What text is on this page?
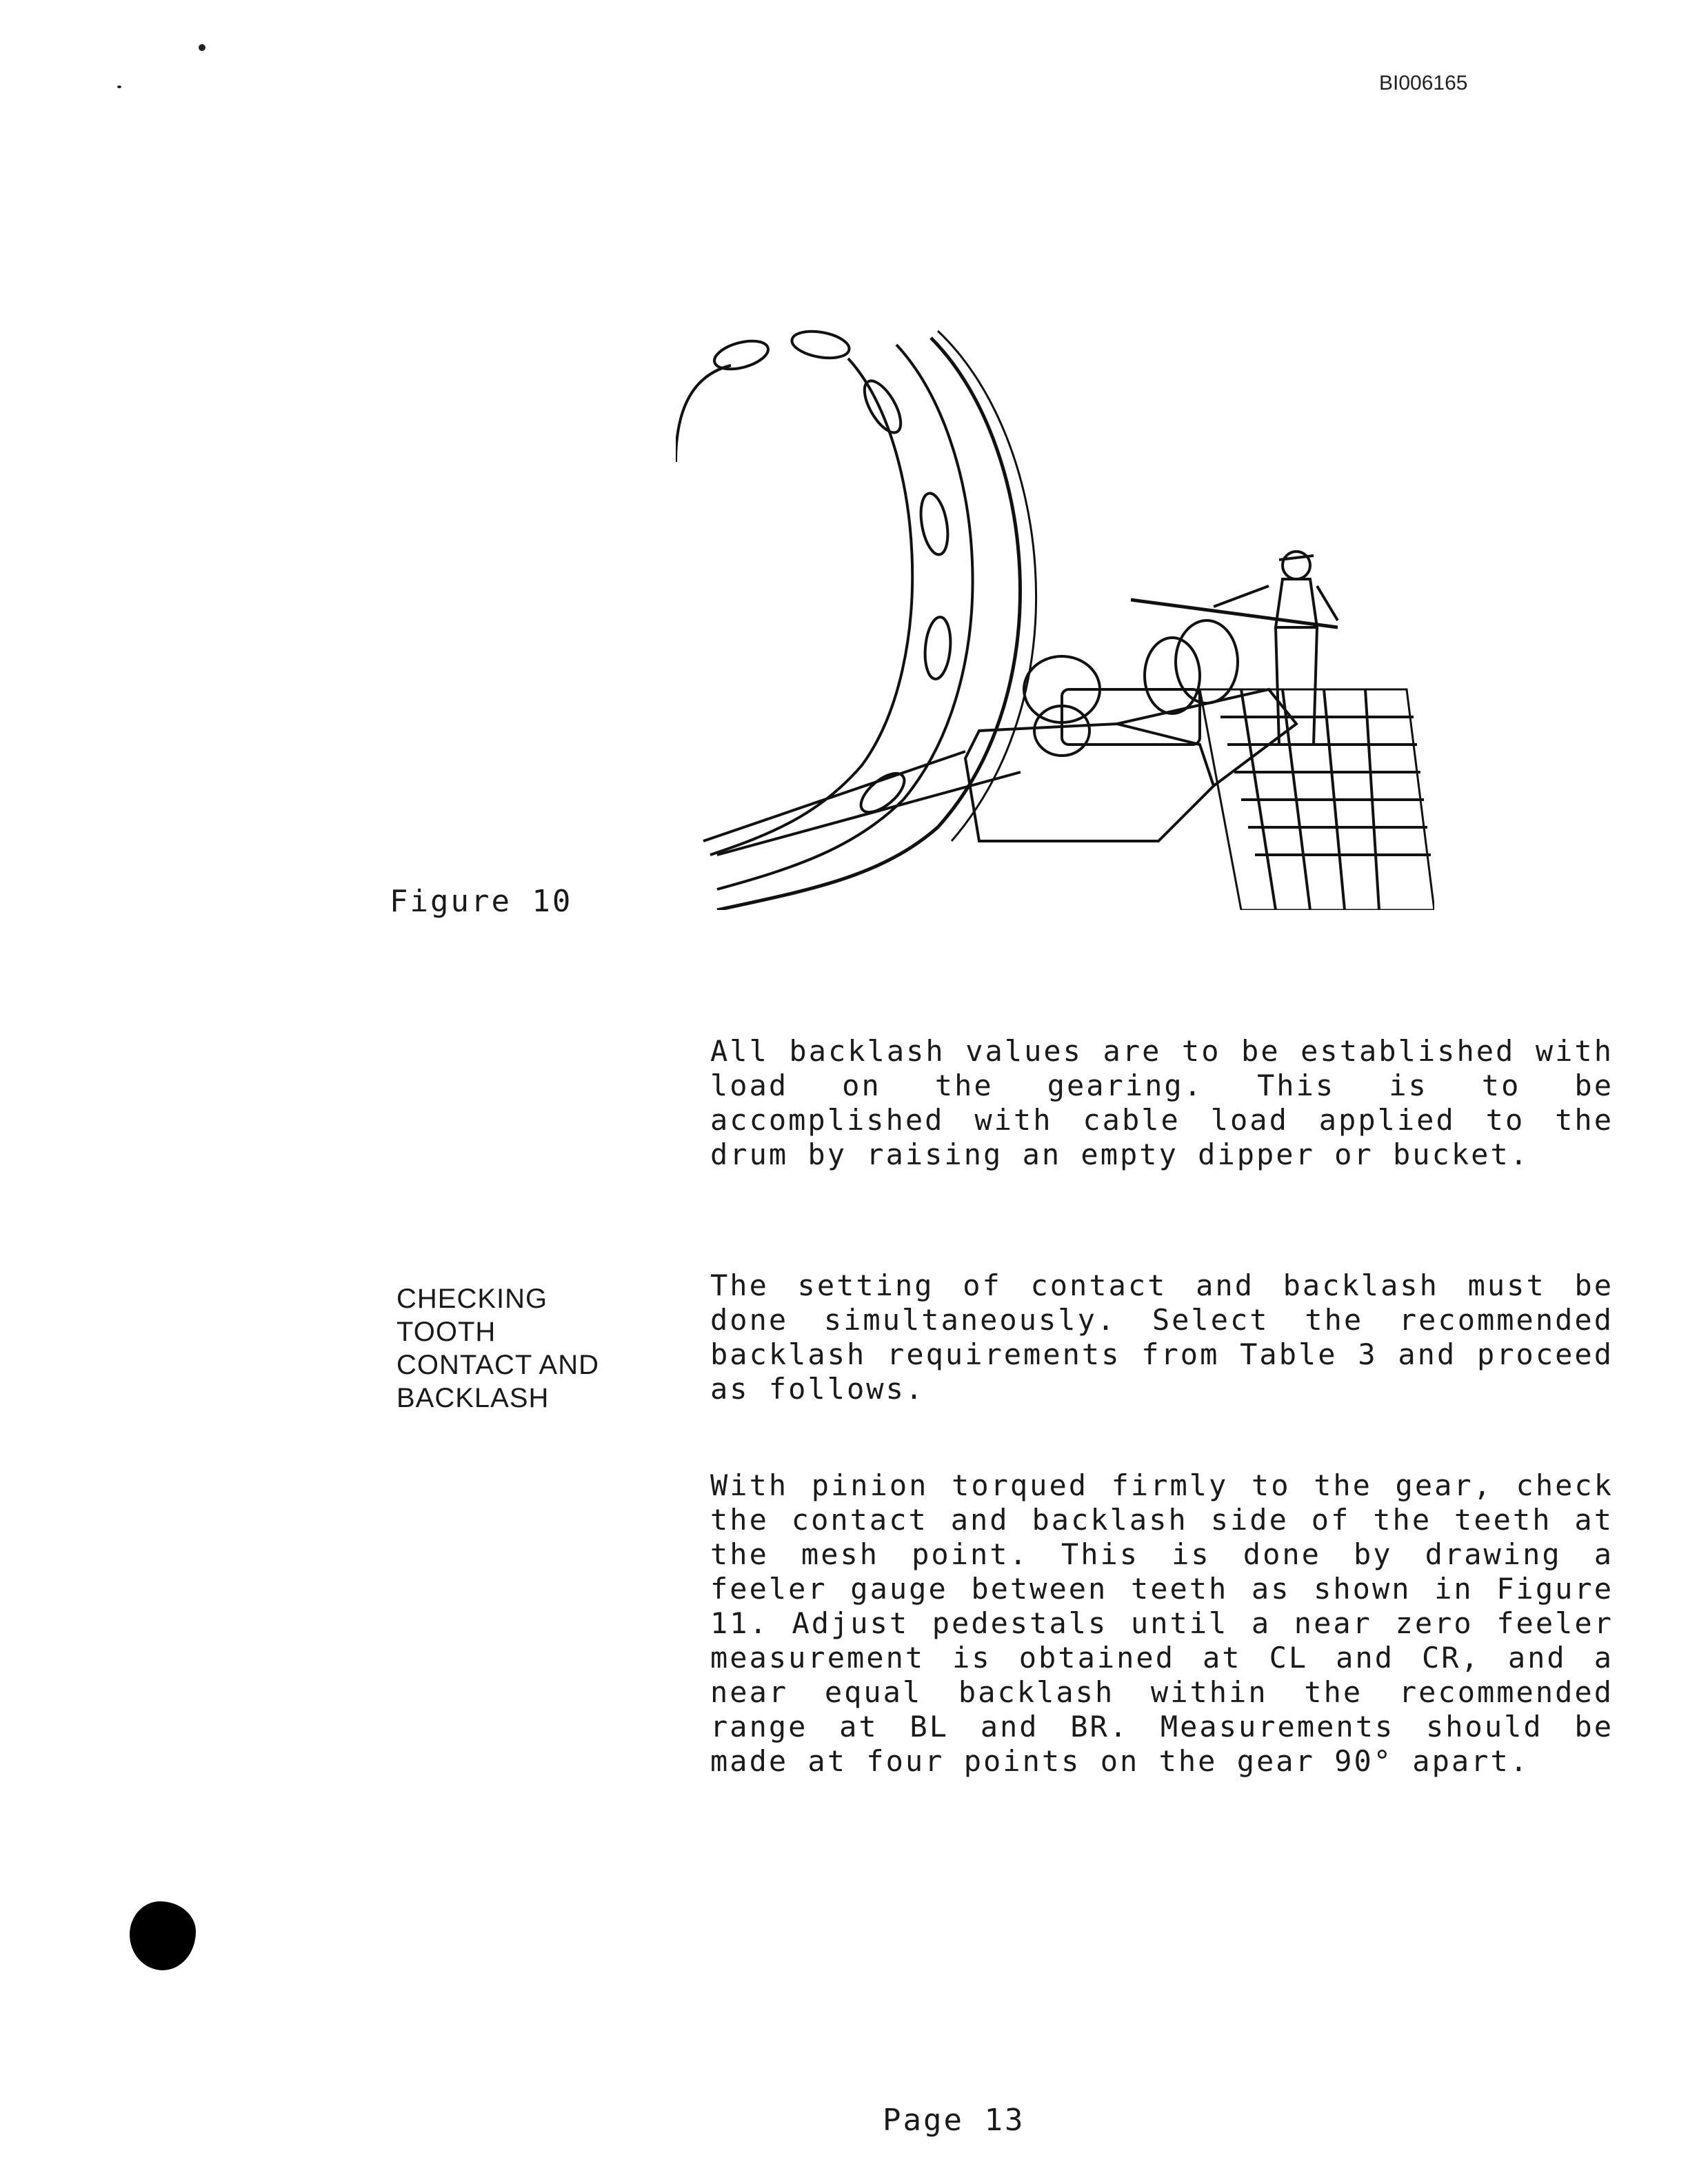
BI006165
Figure 10
All backlash values are to be established with load on the gearing. This is to be accomplished with cable load applied to the drum by raising an empty dipper or bucket.
CHECKING
TOOTH
CONTACT AND
BACKLASH
The setting of contact and backlash must be done simultaneously. Select the recommended backlash requirements from Table 3 and proceed as follows.
With pinion torqued firmly to the gear, check the contact and backlash side of the teeth at the mesh point. This is done by drawing a feeler gauge between teeth as shown in Figure 11. Adjust pedestals until a near zero feeler measurement is obtained at CL and CR, and a near equal backlash within the recommended range at BL and BR. Measurements should be made at four points on the gear 90° apart.
Page 13
